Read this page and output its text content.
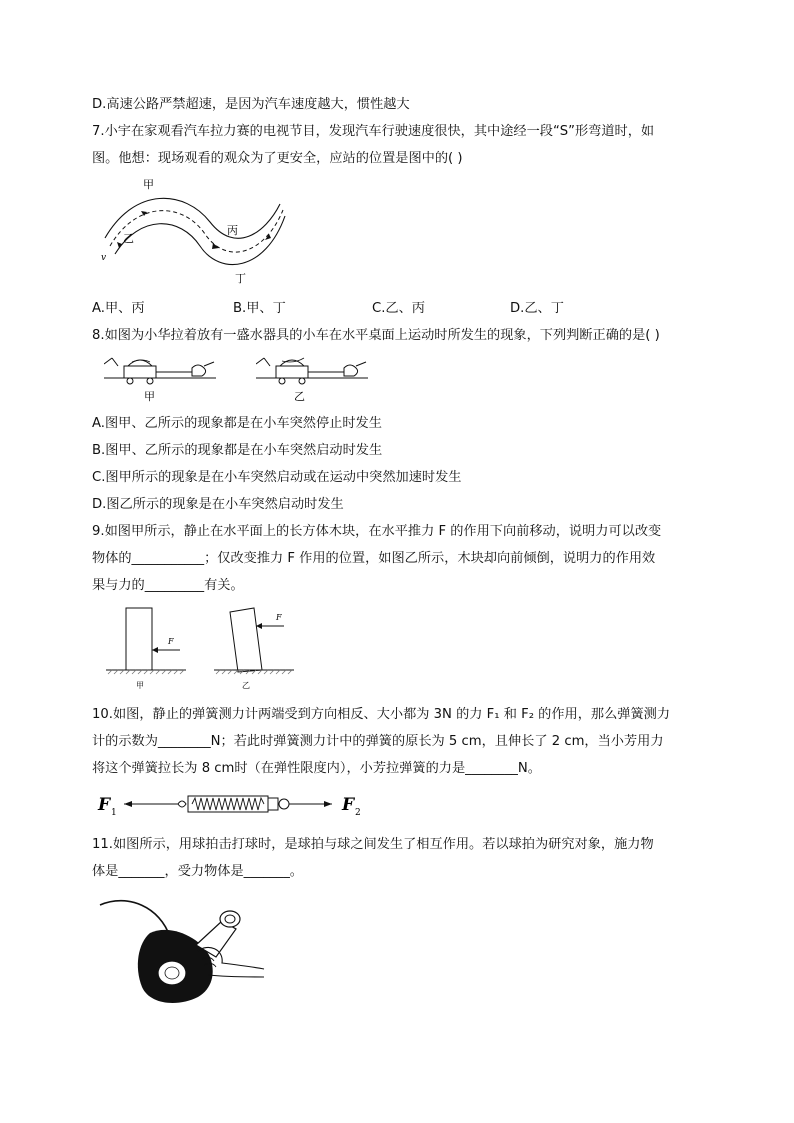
D.高速公路严禁超速，是因为汽车速度越大，惯性越大
7.小宇在家观看汽车拉力赛的电视节目，发现汽车行驶速度很快，其中途经一段“S”形弯道时，如
图。他想：现场观看的观众为了更安全，应站的位置是图中的( )
甲
乙
丙
丁
v
A.甲、丙	B.甲、丁	C.乙、丙	D.乙、丁
8.如图为小华拉着放有一盛水器具的小车在水平桌面上运动时所发生的现象，下列判断正确的是( )
甲	乙
A.图甲、乙所示的现象都是在小车突然停止时发生
B.图甲、乙所示的现象都是在小车突然启动时发生
C.图甲所示的现象是在小车突然启动或在运动中突然加速时发生
D.图乙所示的现象是在小车突然启动时发生
9.如图甲所示，静止在水平面上的长方体木块，在水平推力 F 的作用下向前移动，说明力可以改变
物体的___________；仅改变推力 F 作用的位置，如图乙所示，木块却向前倾倒，说明力的作用效
果与力的_________有关。
F
甲
F
乙
10.如图，静止的弹簧测力计两端受到方向相反、大小都为 3N 的力 F₁ 和 F₂ 的作用，那么弹簧测力
计的示数为________N；若此时弹簧测力计中的弹簧的原长为 5 cm，且伸长了 2 cm，当小芳用力
将这个弹簧拉长为 8 cm时（在弹性限度内），小芳拉弹簧的力是________N。
F 1	F 2
11.如图所示，用球拍击打球时，是球拍与球之间发生了相互作用。若以球拍为研究对象，施力物
体是_______，受力物体是_______。
